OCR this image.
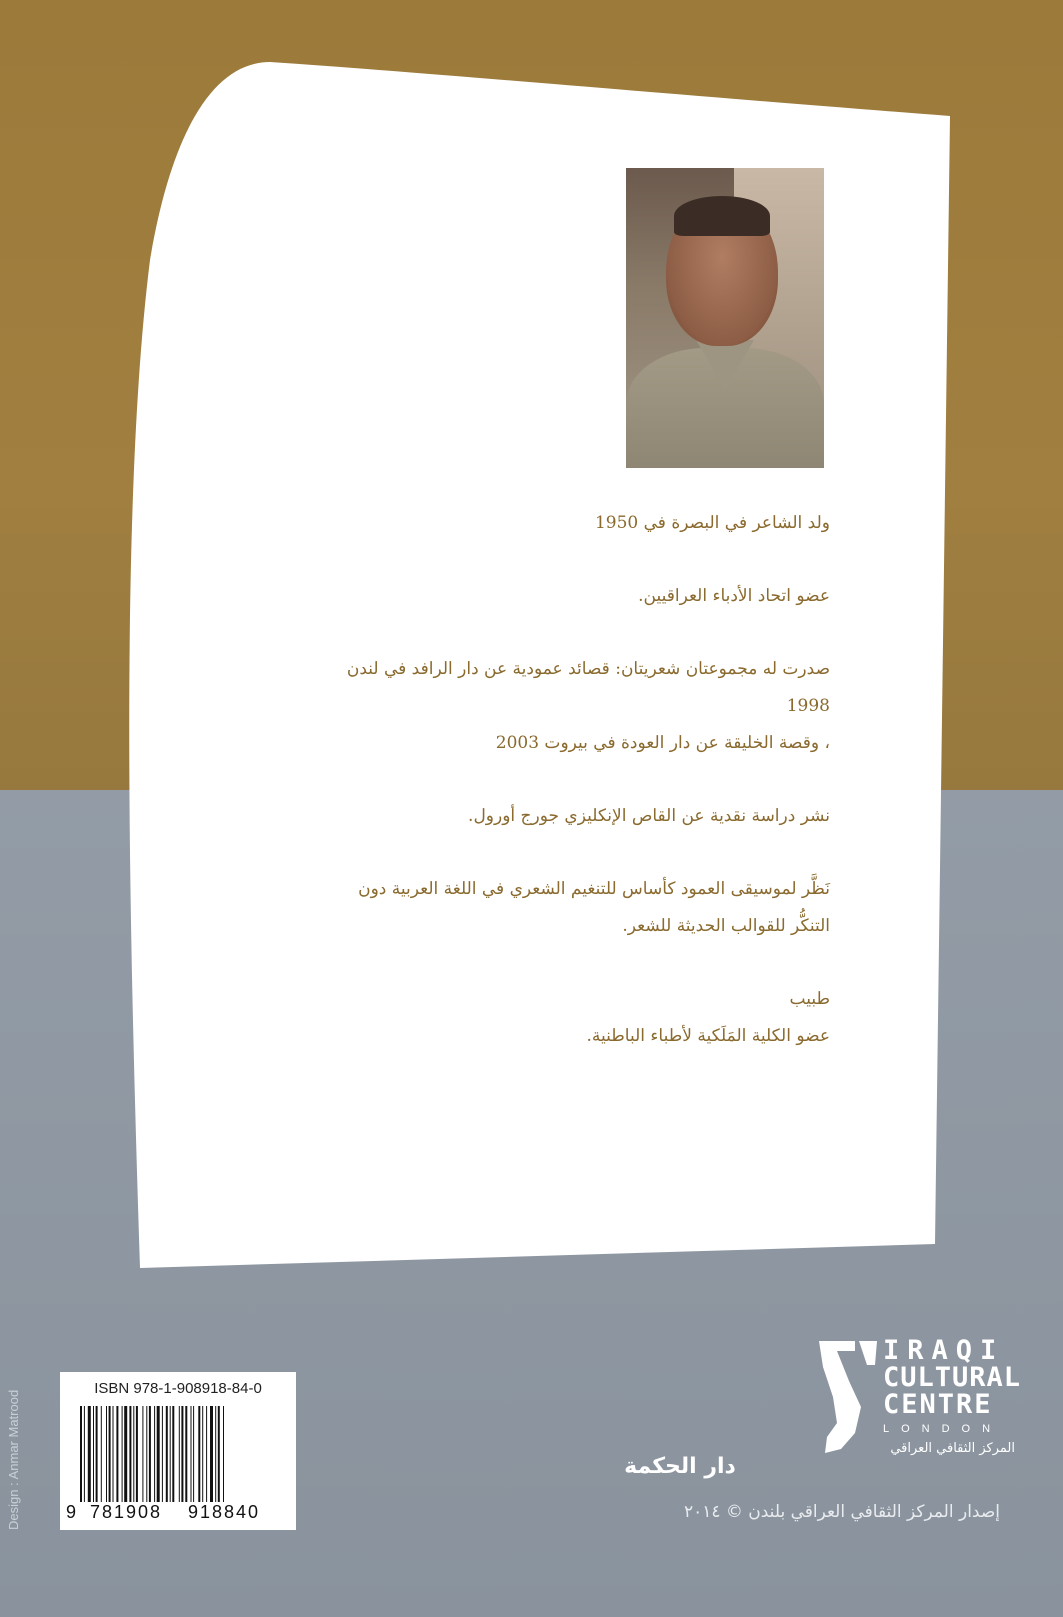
ولد الشاعر في البصرة في 1950

عضو اتحاد الأدباء العراقيين.

صدرت له مجموعتان شعريتان: قصائد عمودية عن دار الرافد في لندن

1998

، وقصة الخليقة عن دار العودة في بيروت 2003

نشر دراسة نقدية عن القاص الإنكليزي جورج أورول.

نَظَّر لموسيقى العمود كأساس للتنغيم الشعري في اللغة العربية دون

التنكُّر للقوالب الحديثة للشعر.

طبيب

عضو الكلية المَلَكية لأطباء الباطنية.

ISBN 978-1-908918-84-0
9 781908 918840
Design : Anmar Matrood
IRAQI
CULTURAL
CENTRE
LONDON
المركز الثقافي العراقي
دار الحكمة
إصدار المركز الثقافي العراقي بلندن © ٢٠١٤
